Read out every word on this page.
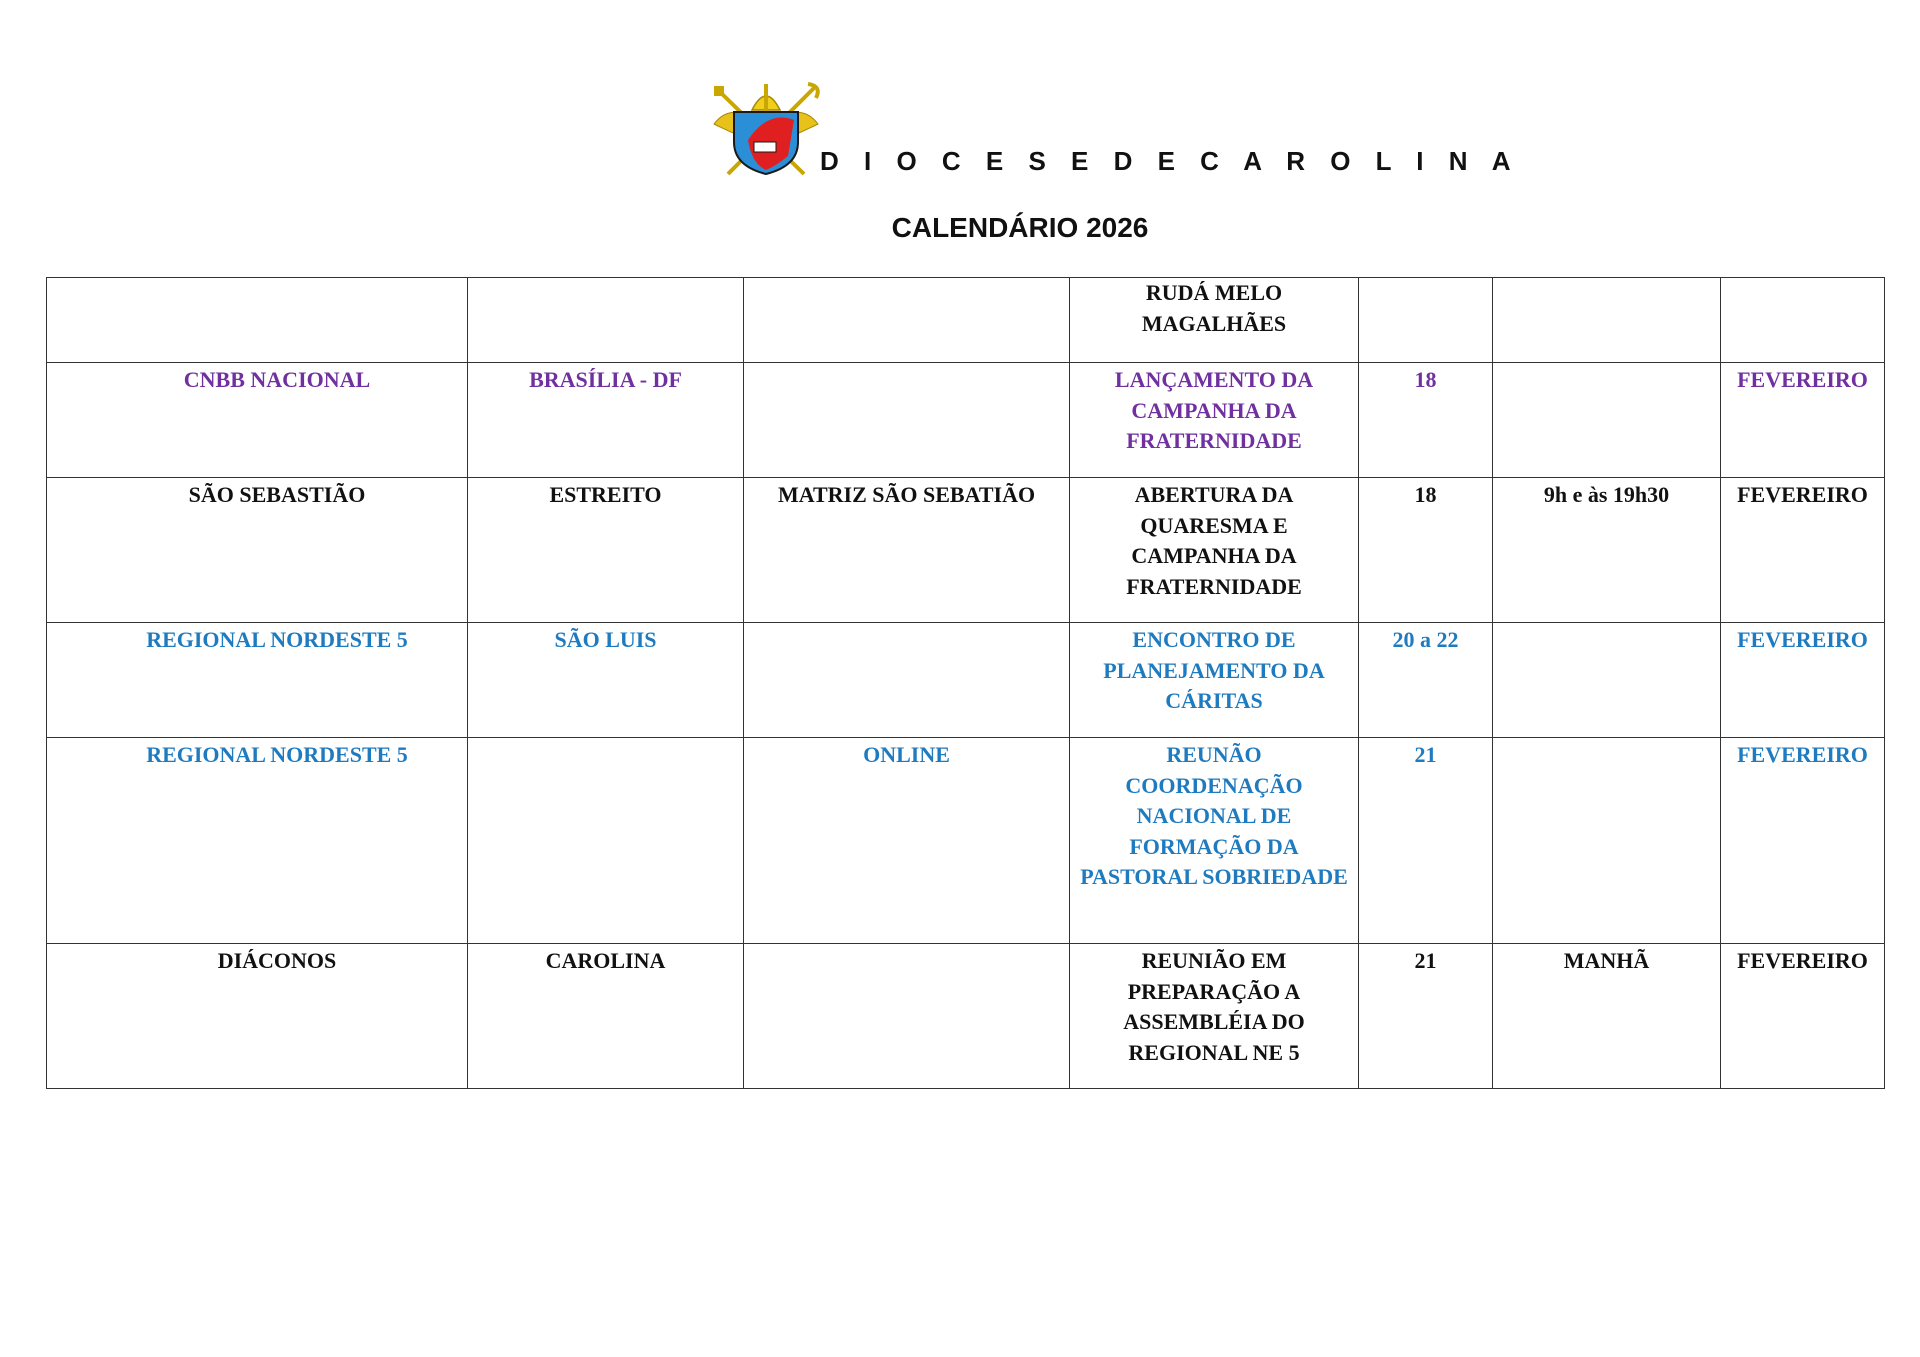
D I O C E S E D E C A R O L I N A
CALENDÁRIO 2026
			RUDÁ MELO MAGALHÃES			
CNBB NACIONAL	BRASÍLIA - DF		LANÇAMENTO DA CAMPANHA DA FRATERNIDADE	18		FEVEREIRO
SÃO SEBASTIÃO	ESTREITO	MATRIZ SÃO SEBATIÃO	ABERTURA DA QUARESMA E CAMPANHA DA FRATERNIDADE	18	9h e às 19h30	FEVEREIRO
REGIONAL NORDESTE 5	SÃO LUIS		ENCONTRO DE PLANEJAMENTO DA CÁRITAS	20 a 22		FEVEREIRO
REGIONAL NORDESTE 5		ONLINE	REUNÃO COORDENAÇÃO NACIONAL DE FORMAÇÃO DA PASTORAL SOBRIEDADE	21		FEVEREIRO
DIÁCONOS	CAROLINA		REUNIÃO EM PREPARAÇÃO A ASSEMBLÉIA DO REGIONAL NE 5	21	MANHÃ	FEVEREIRO
